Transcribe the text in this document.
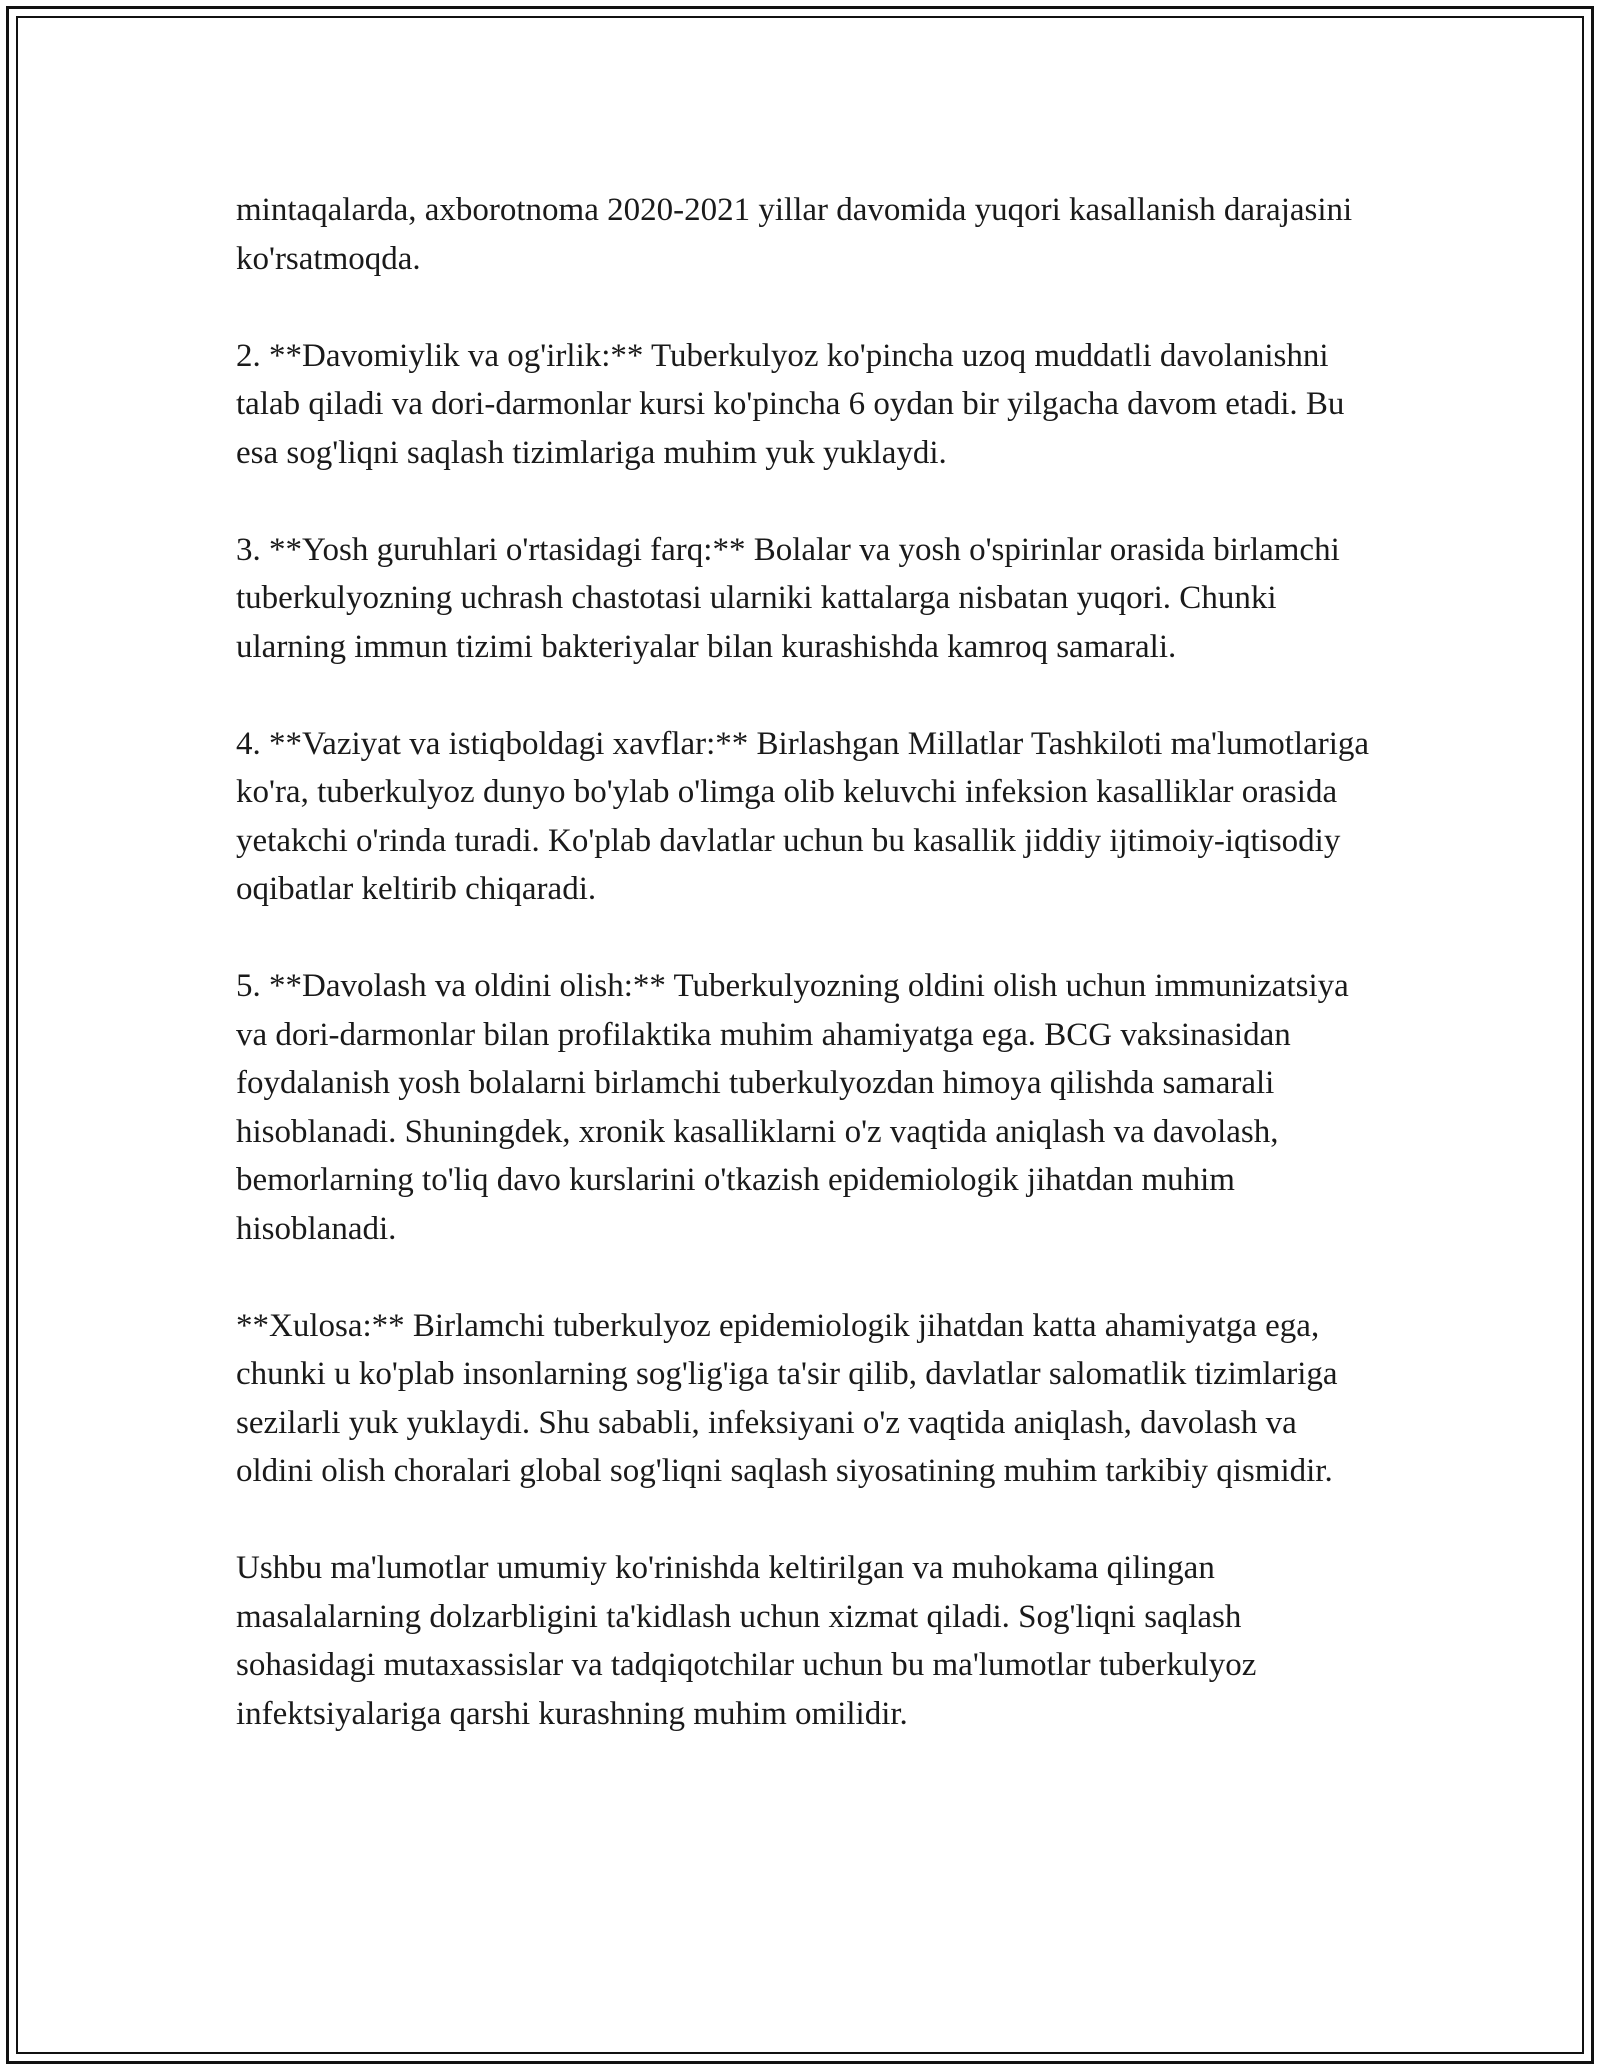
mintaqalarda, axborotnoma 2020-2021 yillar davomida yuqori kasallanish darajasini ko'rsatmoqda.

2. **Davomiylik va og'irlik:** Tuberkulyoz ko'pincha uzoq muddatli davolanishni talab qiladi va dori-darmonlar kursi ko'pincha 6 oydan bir yilgacha davom etadi. Bu esa sog'liqni saqlash tizimlariga muhim yuk yuklaydi.

3. **Yosh guruhlari o'rtasidagi farq:** Bolalar va yosh o'spirinlar orasida birlamchi tuberkulyozning uchrash chastotasi ularniki kattalarga nisbatan yuqori. Chunki ularning immun tizimi bakteriyalar bilan kurashishda kamroq samarali.

4. **Vaziyat va istiqboldagi xavflar:** Birlashgan Millatlar Tashkiloti ma'lumotlariga ko'ra, tuberkulyoz dunyo bo'ylab o'limga olib keluvchi infeksion kasalliklar orasida yetakchi o'rinda turadi. Ko'plab davlatlar uchun bu kasallik jiddiy ijtimoiy-iqtisodiy oqibatlar keltirib chiqaradi.

5. **Davolash va oldini olish:** Tuberkulyozning oldini olish uchun immunizatsiya va dori-darmonlar bilan profilaktika muhim ahamiyatga ega. BCG vaksinasidan foydalanish yosh bolalarni birlamchi tuberkulyozdan himoya qilishda samarali hisoblanadi. Shuningdek, xronik kasalliklarni o'z vaqtida aniqlash va davolash, bemorlarning to'liq davo kurslarini o'tkazish epidemiologik jihatdan muhim hisoblanadi.

**Xulosa:** Birlamchi tuberkulyoz epidemiologik jihatdan katta ahamiyatga ega, chunki u ko'plab insonlarning sog'lig'iga ta'sir qilib, davlatlar salomatlik tizimlariga sezilarli yuk yuklaydi. Shu sababli, infeksiyani o'z vaqtida aniqlash, davolash va oldini olish choralari global sog'liqni saqlash siyosatining muhim tarkibiy qismidir.

Ushbu ma'lumotlar umumiy ko'rinishda keltirilgan va muhokama qilingan masalalarning dolzarbligini ta'kidlash uchun xizmat qiladi. Sog'liqni saqlash sohasidagi mutaxassislar va tadqiqotchilar uchun bu ma'lumotlar tuberkulyoz infektsiyalariga qarshi kurashning muhim omilidir.
